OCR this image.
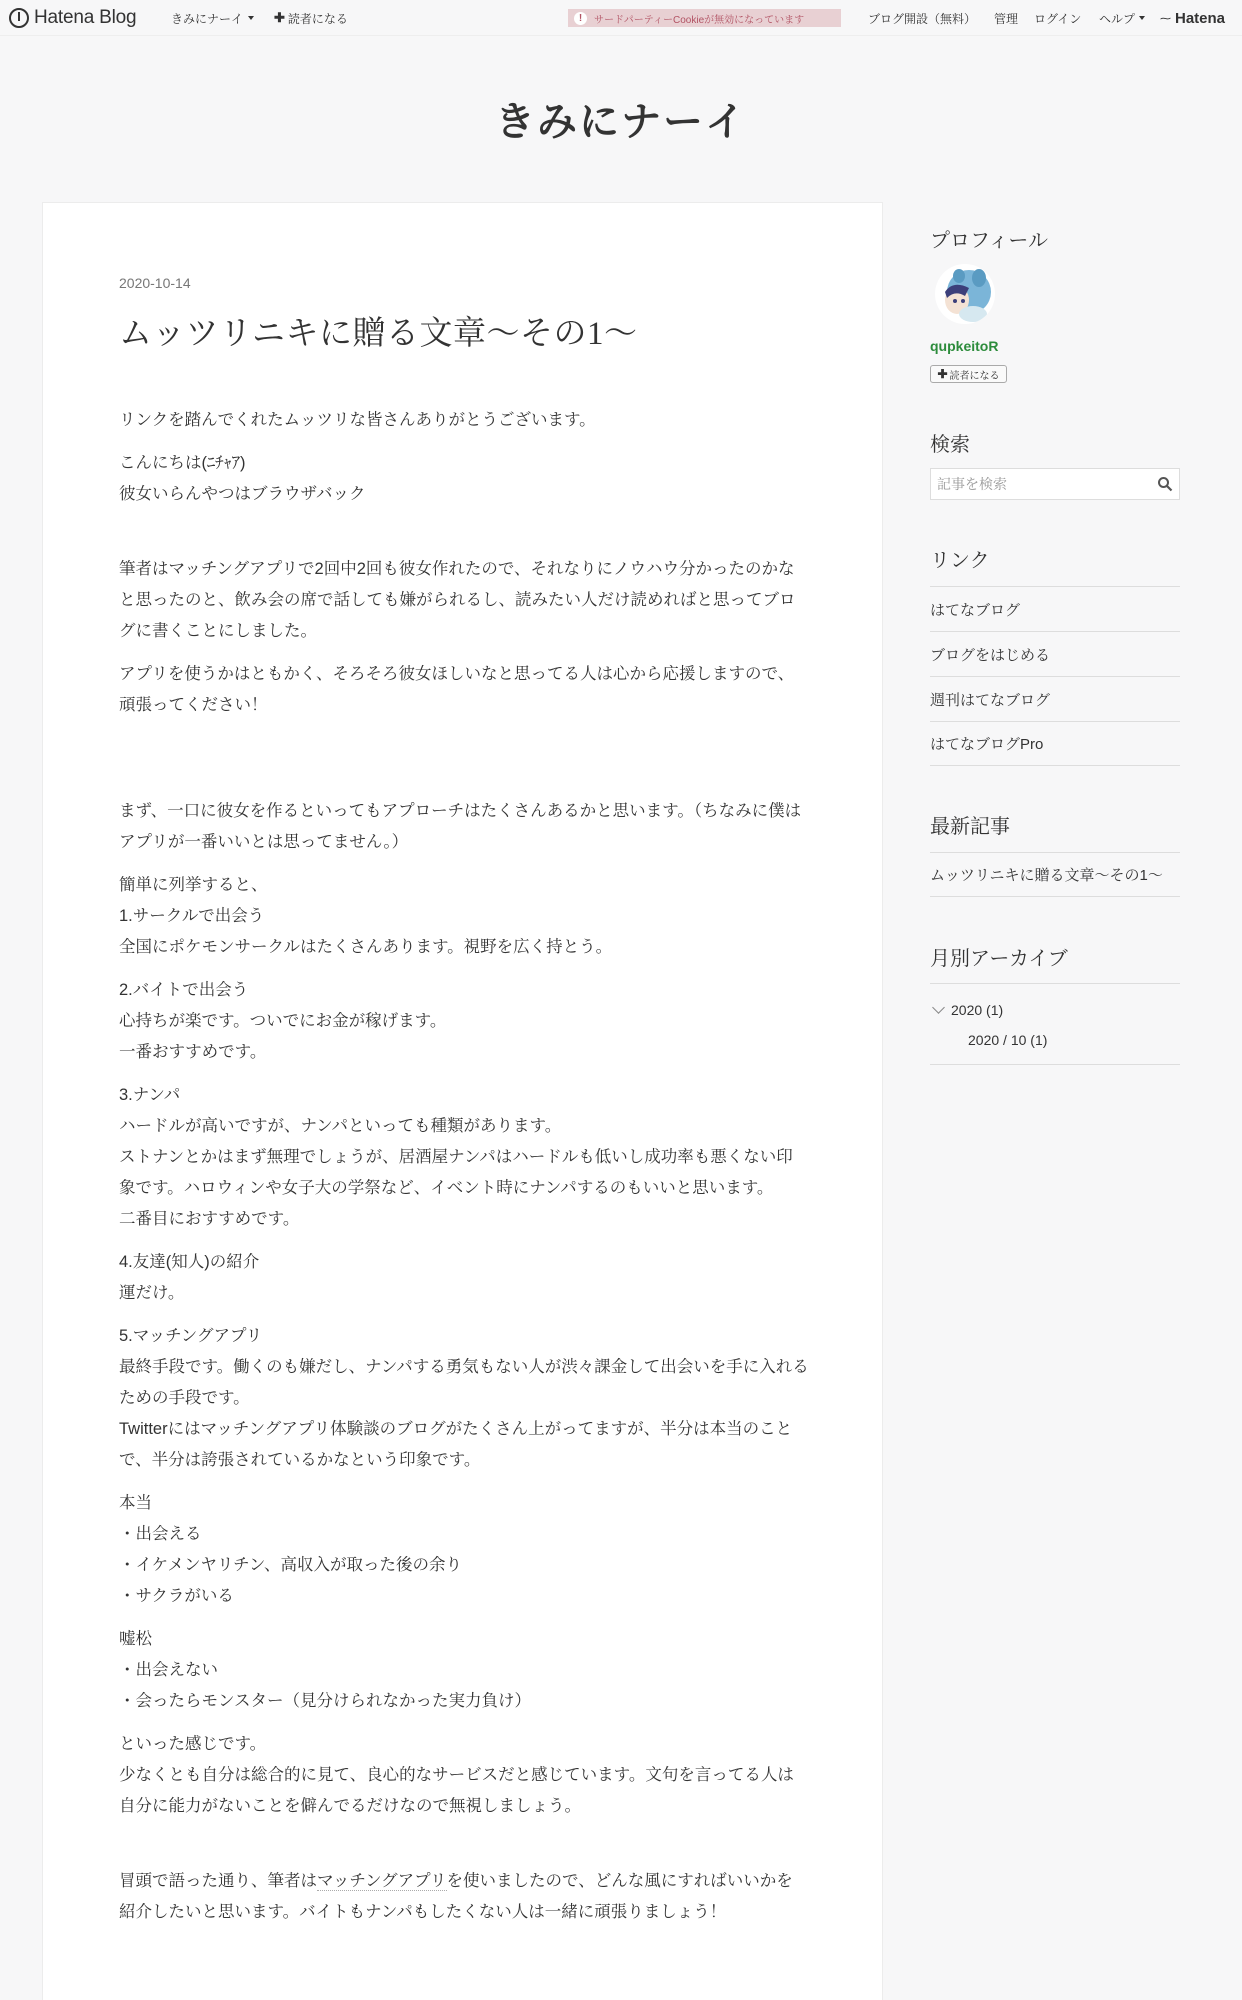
Hatena Blog	きみにナーイ ✚ 読者になる	!	サードパーティーCookieが無効になっています	ブログ開設（無料） 管理 ログイン ヘルプ ⁓ Hatena
きみにナーイ
2020-10-14
ムッツリニキに贈る文章〜その1〜

リンクを踏んでくれたムッツリな皆さんありがとうございます。

こんにちは(ﾆﾁｬｱ)
彼女いらんやつはブラウザバック

筆者はマッチングアプリで2回中2回も彼女作れたので、それなりにノウハウ分かったのかなと思ったのと、飲み会の席で話しても嫌がられるし、読みたい人だけ読めればと思ってブログに書くことにしました。

アプリを使うかはともかく、そろそろ彼女ほしいなと思ってる人は心から応援しますので、頑張ってください！

まず、一口に彼女を作るといってもアプローチはたくさんあるかと思います。（ちなみに僕はアプリが一番いいとは思ってません。）

簡単に列挙すると、
1.サークルで出会う
全国にポケモンサークルはたくさんあります。視野を広く持とう。

2.バイトで出会う
心持ちが楽です。ついでにお金が稼げます。
一番おすすめです。

3.ナンパ
ハードルが高いですが、ナンパといっても種類があります。
ストナンとかはまず無理でしょうが、居酒屋ナンパはハードルも低いし成功率も悪くない印象です。ハロウィンや女子大の学祭など、イベント時にナンパするのもいいと思います。
二番目におすすめです。

4.友達(知人)の紹介
運だけ。

5.マッチングアプリ
最終手段です。働くのも嫌だし、ナンパする勇気もない人が渋々課金して出会いを手に入れるための手段です。
Twitterにはマッチングアプリ体験談のブログがたくさん上がってますが、半分は本当のことで、半分は誇張されているかなという印象です。

本当
・出会える
・イケメンヤリチン、高収入が取った後の余り
・サクラがいる

嘘松
・出会えない
・会ったらモンスター（見分けられなかった実力負け）

といった感じです。
少なくとも自分は総合的に見て、良心的なサービスだと感じています。文句を言ってる人は自分に能力がないことを僻んでるだけなので無視しましょう。

冒頭で語った通り、筆者はマッチングアプリを使いましたので、どんな風にすればいいかを紹介したいと思います。バイトもナンパもしたくない人は一緒に頑張りましょう！

プロフィール
qupkeitoR
✚ 読者になる
検索
記事を検索
リンク
はてなブログ
ブログをはじめる
週刊はてなブログ
はてなブログPro
最新記事
ムッツリニキに贈る文章〜その1〜
月別アーカイブ
2020 (1)
2020 / 10 (1)
